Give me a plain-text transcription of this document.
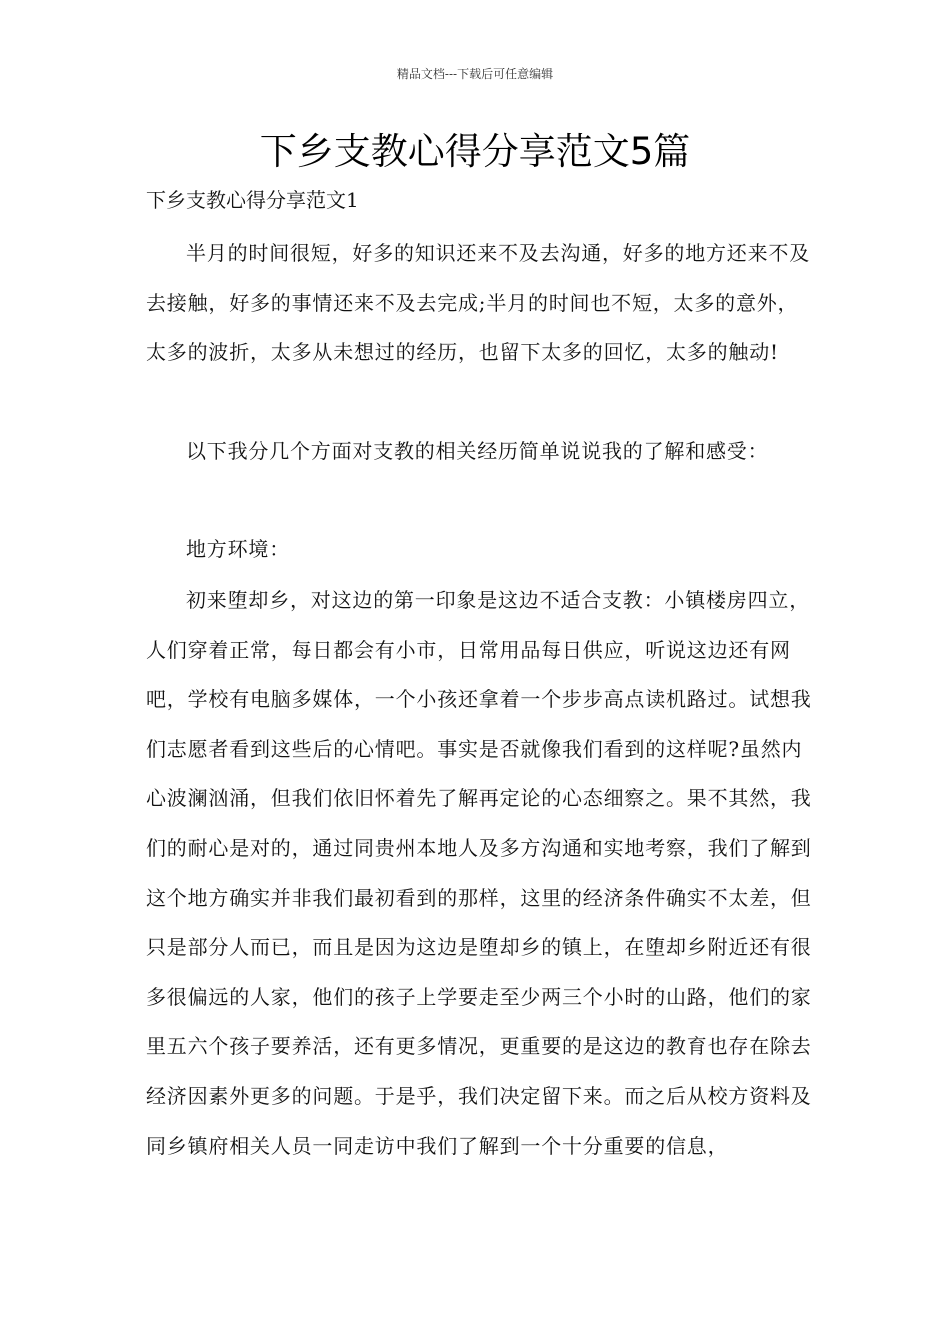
精品文档---下载后可任意编辑
下乡支教心得分享范文5篇
下乡支教心得分享范文1

半月的时间很短，好多的知识还来不及去沟通，好多的地方还来不及去接触，好多的事情还来不及去完成;半月的时间也不短，太多的意外，太多的波折，太多从未想过的经历，也留下太多的回忆，太多的触动!

以下我分几个方面对支教的相关经历简单说说我的了解和感受：

地方环境：

初来堕却乡，对这边的第一印象是这边不适合支教：小镇楼房四立，人们穿着正常，每日都会有小市，日常用品每日供应，听说这边还有网吧，学校有电脑多媒体，一个小孩还拿着一个步步高点读机路过。试想我们志愿者看到这些后的心情吧。事实是否就像我们看到的这样呢?虽然内心波澜汹涌，但我们依旧怀着先了解再定论的心态细察之。果不其然，我们的耐心是对的，通过同贵州本地人及多方沟通和实地考察，我们了解到这个地方确实并非我们最初看到的那样，这里的经济条件确实不太差，但只是部分人而已，而且是因为这边是堕却乡的镇上，在堕却乡附近还有很多很偏远的人家，他们的孩子上学要走至少两三个小时的山路，他们的家里五六个孩子要养活，还有更多情况，更重要的是这边的教育也存在除去经济因素外更多的问题。于是乎，我们决定留下来。而之后从校方资料及同乡镇府相关人员一同走访中我们了解到一个十分重要的信息，
